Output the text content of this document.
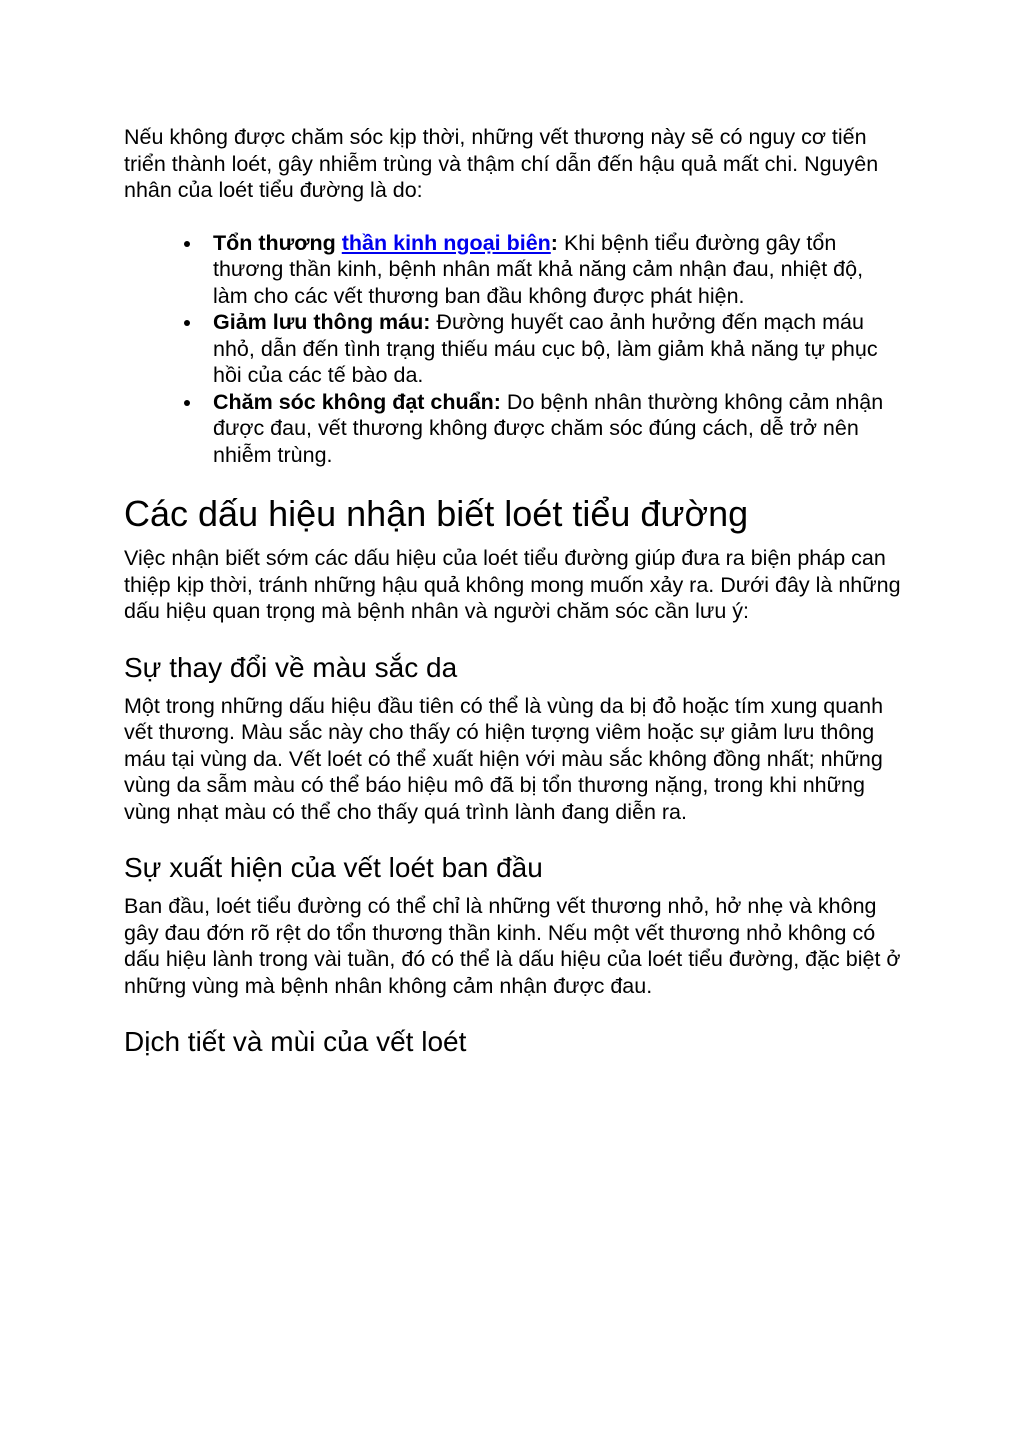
Nếu không được chăm sóc kịp thời, những vết thương này sẽ có nguy cơ tiến triển thành loét, gây nhiễm trùng và thậm chí dẫn đến hậu quả mất chi. Nguyên nhân của loét tiểu đường là do:

Tổn thương thần kinh ngoại biên: Khi bệnh tiểu đường gây tổn thương thần kinh, bệnh nhân mất khả năng cảm nhận đau, nhiệt độ, làm cho các vết thương ban đầu không được phát hiện.
Giảm lưu thông máu: Đường huyết cao ảnh hưởng đến mạch máu nhỏ, dẫn đến tình trạng thiếu máu cục bộ, làm giảm khả năng tự phục hồi của các tế bào da.
Chăm sóc không đạt chuẩn: Do bệnh nhân thường không cảm nhận được đau, vết thương không được chăm sóc đúng cách, dễ trở nên nhiễm trùng.
Các dấu hiệu nhận biết loét tiểu đường

Việc nhận biết sớm các dấu hiệu của loét tiểu đường giúp đưa ra biện pháp can thiệp kịp thời, tránh những hậu quả không mong muốn xảy ra. Dưới đây là những dấu hiệu quan trọng mà bệnh nhân và người chăm sóc cần lưu ý:

Sự thay đổi về màu sắc da

Một trong những dấu hiệu đầu tiên có thể là vùng da bị đỏ hoặc tím xung quanh vết thương. Màu sắc này cho thấy có hiện tượng viêm hoặc sự giảm lưu thông máu tại vùng da. Vết loét có thể xuất hiện với màu sắc không đồng nhất; những vùng da sẫm màu có thể báo hiệu mô đã bị tổn thương nặng, trong khi những vùng nhạt màu có thể cho thấy quá trình lành đang diễn ra.

Sự xuất hiện của vết loét ban đầu

Ban đầu, loét tiểu đường có thể chỉ là những vết thương nhỏ, hở nhẹ và không gây đau đớn rõ rệt do tổn thương thần kinh. Nếu một vết thương nhỏ không có dấu hiệu lành trong vài tuần, đó có thể là dấu hiệu của loét tiểu đường, đặc biệt ở những vùng mà bệnh nhân không cảm nhận được đau.

Dịch tiết và mùi của vết loét
